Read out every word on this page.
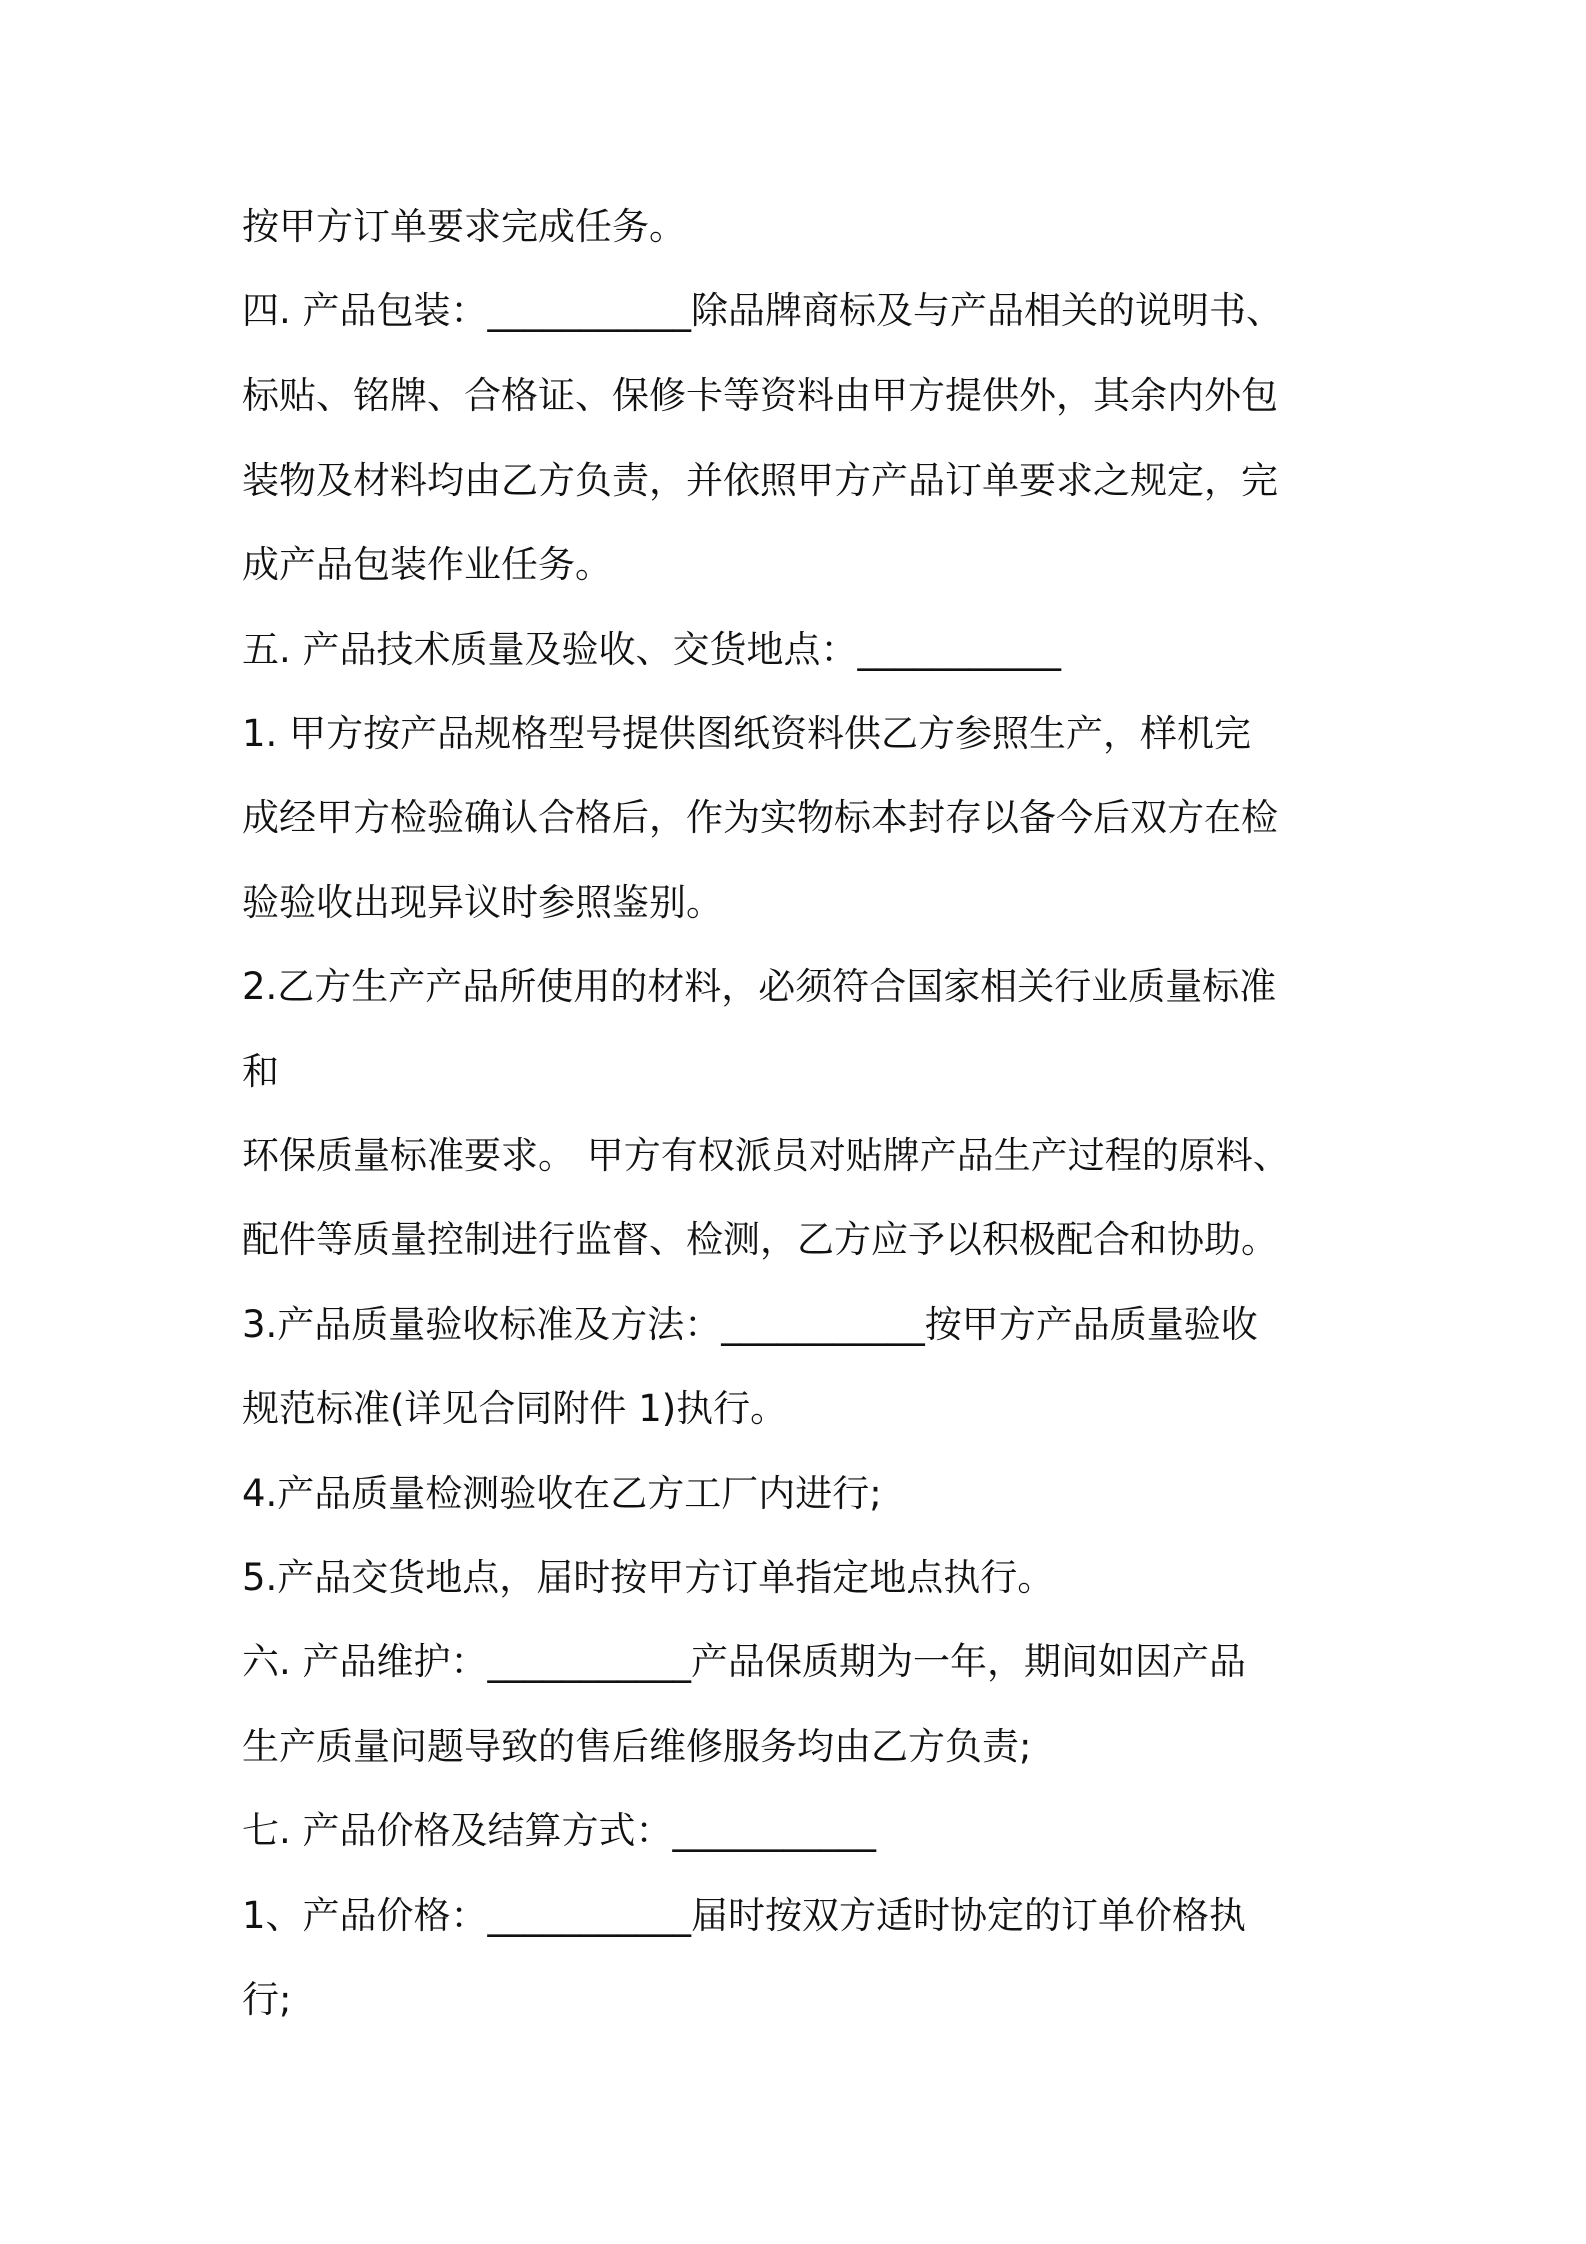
按甲方订单要求完成任务。

四. 产品包装：___________除品牌商标及与产品相关的说明书、

标贴、铭牌、合格证、保修卡等资料由甲方提供外，其余内外包

装物及材料均由乙方负责，并依照甲方产品订单要求之规定，完

成产品包装作业任务。

五. 产品技术质量及验收、交货地点：___________

1. 甲方按产品规格型号提供图纸资料供乙方参照生产，样机完

成经甲方检验确认合格后，作为实物标本封存以备今后双方在检

验验收出现异议时参照鉴别。

2.乙方生产产品所使用的材料，必须符合国家相关行业质量标准

和

环保质量标准要求。 甲方有权派员对贴牌产品生产过程的原料、

配件等质量控制进行监督、检测，乙方应予以积极配合和协助。

3.产品质量验收标准及方法：___________按甲方产品质量验收

规范标准(详见合同附件 1)执行。

4.产品质量检测验收在乙方工厂内进行;

5.产品交货地点，届时按甲方订单指定地点执行。

六. 产品维护：___________产品保质期为一年，期间如因产品

生产质量问题导致的售后维修服务均由乙方负责;

七. 产品价格及结算方式：___________

1、产品价格：___________届时按双方适时协定的订单价格执

行;
